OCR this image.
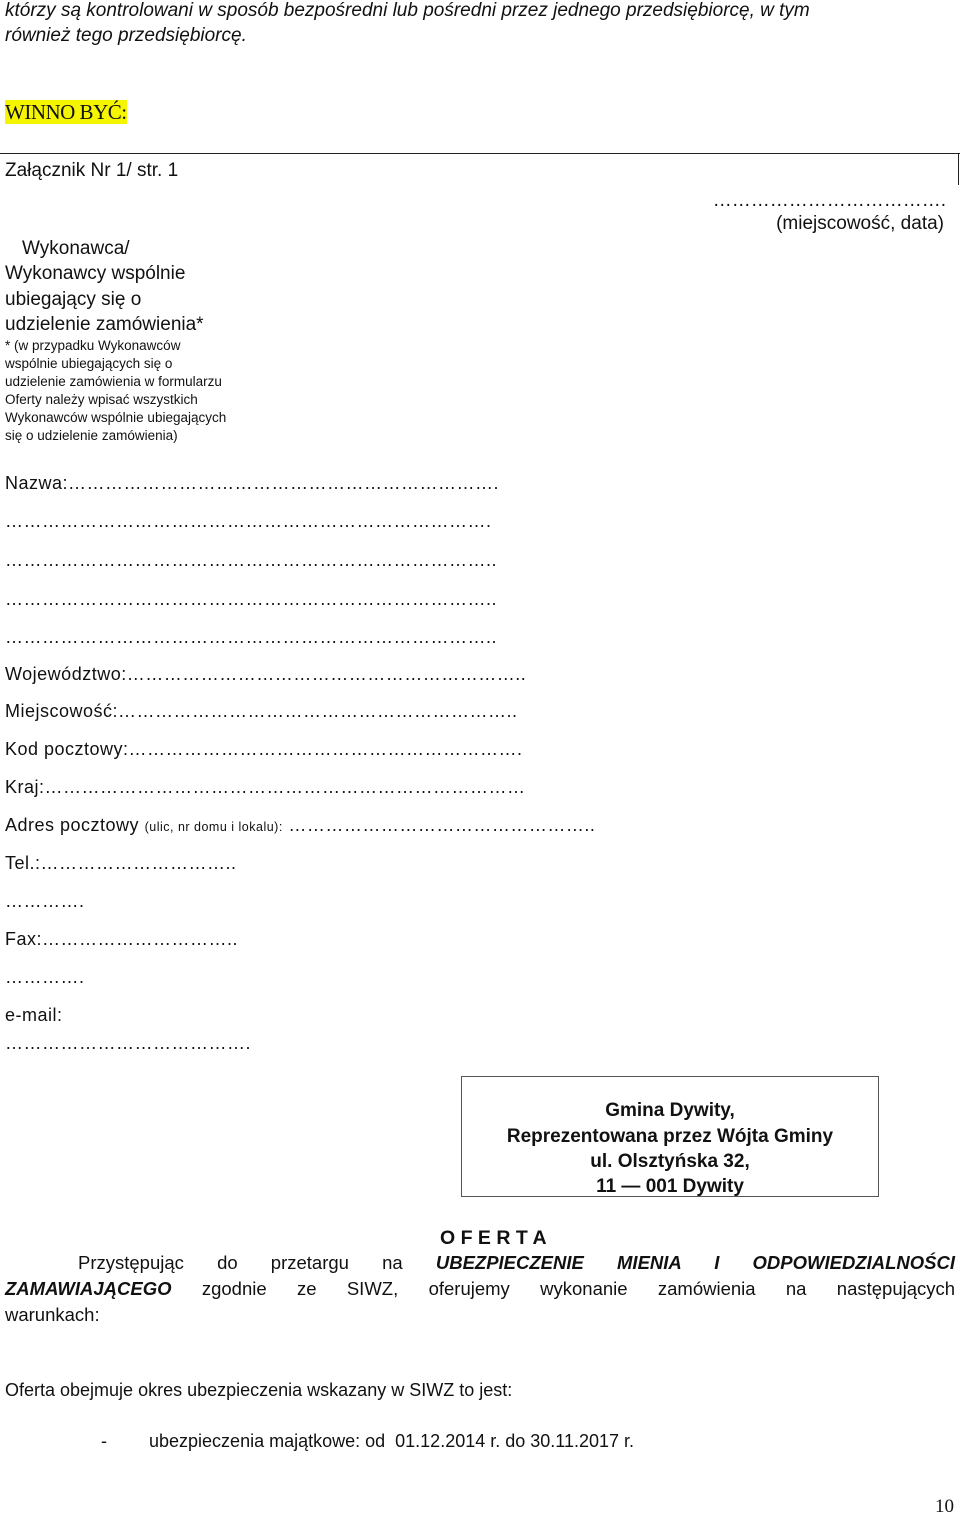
którzy są kontrolowani w sposób bezpośredni lub pośredni przez jednego przedsiębiorcę, w tym
również tego przedsiębiorcę.
WINNO BYĆ:
Załącznik Nr 1/ str. 1
……………………………….
(miejscowość, data)
Wykonawca/
Wykonawcy wspólnie
ubiegający się o
udzielenie zamówienia*
* (w przypadku Wykonawców
wspólnie ubiegających się o
udzielenie zamówienia w formularzu
Oferty należy wpisać wszystkich
Wykonawców wspólnie ubiegających
się o udzielenie zamówienia)
Nazwa:…………………………………………………………….
…………………………………………………………………….
……………………………………………………………………..
……………………………………………………………………..
……………………………………………………………………..
Województwo:………………………………………………………..
Miejscowość:………………………………………………………..
Kod pocztowy:……………………………………………………….
Kraj:……………………………………………………………………
Adres pocztowy (ulic, nr domu i lokalu): …………………………………………..
Tel.:…………………………..
………….
Fax:…………………………..
………….
e-mail:
………………………………….
Gmina Dywity,
Reprezentowana przez Wójta Gminy
ul. Olsztyńska 32,
11 — 001 Dywity
O F E R T A
Przystępując do przetargu na UBEZPIECZENIE MIENIA I ODPOWIEDZIALNOŚCI
ZAMAWIAJĄCEGO zgodnie ze SIWZ, oferujemy wykonanie zamówienia na następujących
warunkach:
Oferta obejmuje okres ubezpieczenia wskazany w SIWZ to jest:
- ubezpieczenia majątkowe: od  01.12.2014 r. do 30.11.2017 r.
10
